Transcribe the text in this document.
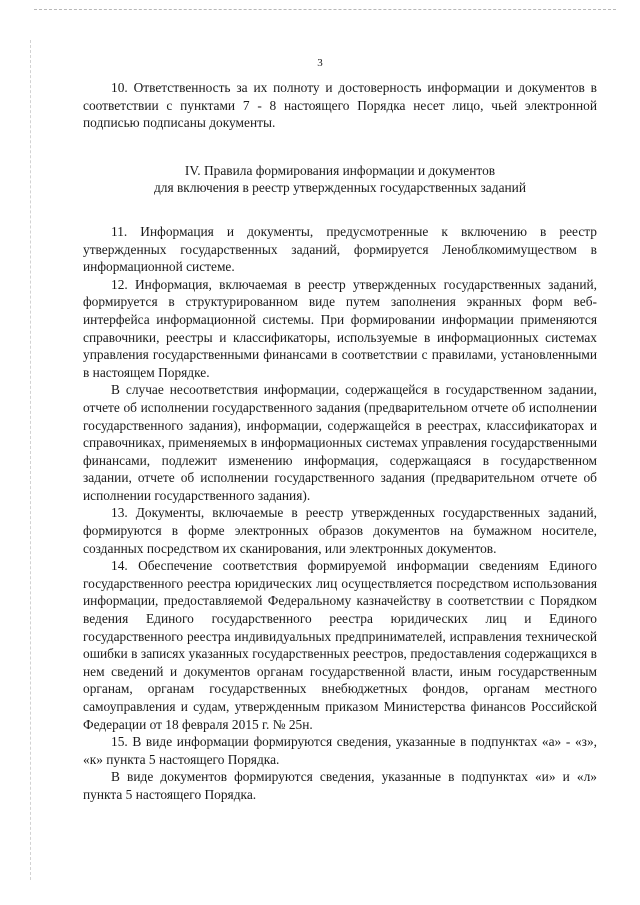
3

10. Ответственность за их полноту и достоверность информации и документов в соответствии с пунктами 7 - 8 настоящего Порядка несет лицо, чьей электронной подписью подписаны документы.

IV. Правила формирования информации и документов
для включения в реестр утвержденных государственных заданий

11. Информация и документы, предусмотренные к включению в реестр утвержденных государственных заданий, формируется Леноблкомимуществом в информационной системе.

12. Информация, включаемая в реестр утвержденных государственных заданий, формируется в структурированном виде путем заполнения экранных форм веб-интерфейса информационной системы. При формировании информации применяются справочники, реестры и классификаторы, используемые в информационных системах управления государственными финансами в соответствии с правилами, установленными в настоящем Порядке.

В случае несоответствия информации, содержащейся в государственном задании, отчете об исполнении государственного задания (предварительном отчете об исполнении государственного задания), информации, содержащейся в реестрах, классификаторах и справочниках, применяемых в информационных системах управления государственными финансами, подлежит изменению информация, содержащаяся в государственном задании, отчете об исполнении государственного задания (предварительном отчете об исполнении государственного задания).

13. Документы, включаемые в реестр утвержденных государственных заданий, формируются в форме электронных образов документов на бумажном носителе, созданных посредством их сканирования, или электронных документов.

14. Обеспечение соответствия формируемой информации сведениям Единого государственного реестра юридических лиц осуществляется посредством использования информации, предоставляемой Федеральному казначейству в соответствии с Порядком ведения Единого государственного реестра юридических лиц и Единого государственного реестра индивидуальных предпринимателей, исправления технической ошибки в записях указанных государственных реестров, предоставления содержащихся в нем сведений и документов органам государственной власти, иным государственным органам, органам государственных внебюджетных фондов, органам местного самоуправления и судам, утвержденным приказом Министерства финансов Российской Федерации от 18 февраля 2015 г. № 25н.

15. В виде информации формируются сведения, указанные в подпунктах «а» - «з», «к» пункта 5 настоящего Порядка.

В виде документов формируются сведения, указанные в подпунктах «и» и «л» пункта 5 настоящего Порядка.
